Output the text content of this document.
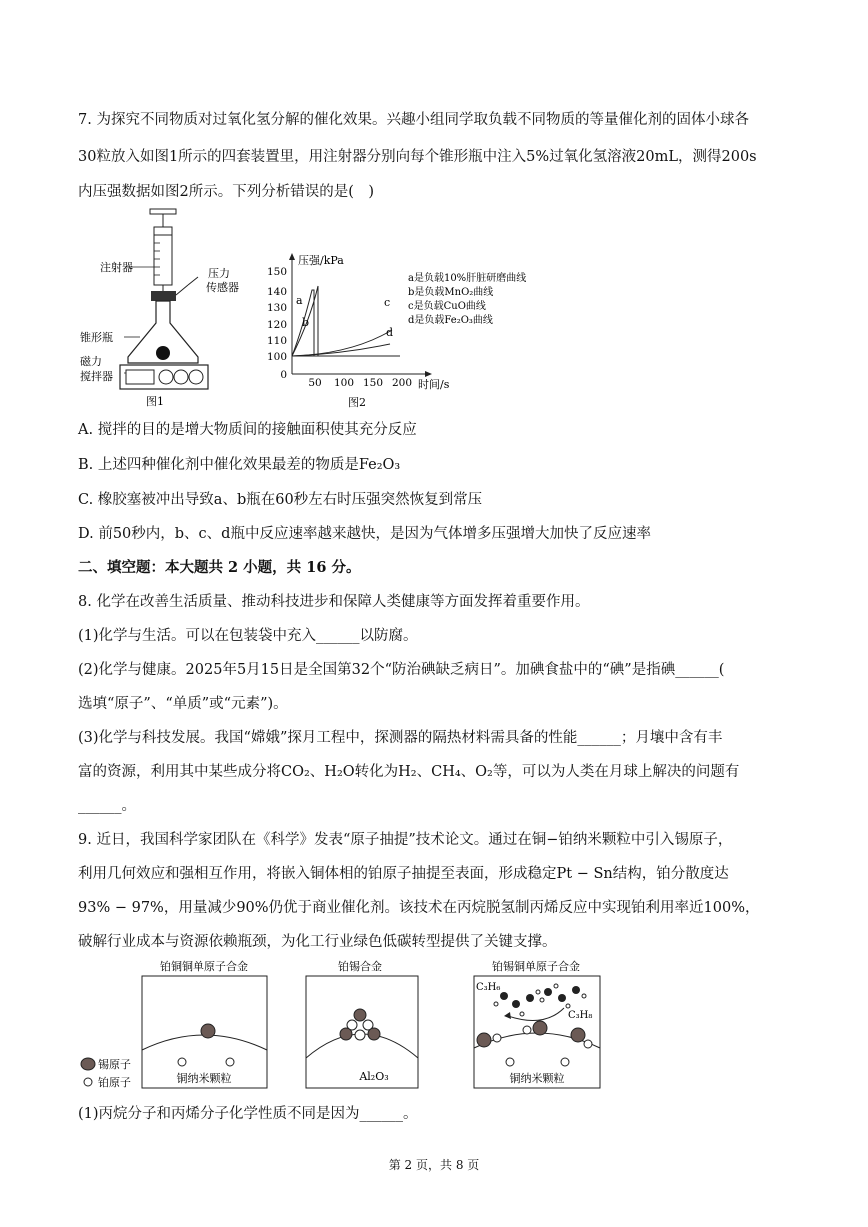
7. 为探究不同物质对过氧化氢分解的催化效果。兴趣小组同学取负载不同物质的等量催化剂的固体小球各
30粒放入如图1所示的四套装置里，用注射器分别向每个锥形瓶中注入5%过氧化氢溶液20mL，测得200s
内压强数据如图2所示。下列分析错误的是(　)
注射器	压力
传感器
锥形瓶
磁力
搅拌器
图1
压强/kPa
时间/s
150
140
130
120
110
100
0
50 100 150 200
a
b
c
d
a是负载10%肝脏研磨曲线
b是负载MnO₂曲线
c是负载CuO曲线
d是负载Fe₂O₃曲线
图2
A. 搅拌的目的是增大物质间的接触面积使其充分反应
B. 上述四种催化剂中催化效果最差的物质是Fe₂O₃
C. 橡胶塞被冲出导致a、b瓶在60秒左右时压强突然恢复到常压
D. 前50秒内，b、c、d瓶中反应速率越来越快，是因为气体增多压强增大加快了反应速率
二、填空题：本大题共 2 小题，共 16 分。
8. 化学在改善生活质量、推动科技进步和保障人类健康等方面发挥着重要作用。
(1)化学与生活。可以在包装袋中充入______以防腐。
(2)化学与健康。2025年5月15日是全国第32个“防治碘缺乏病日”。加碘食盐中的“碘”是指碘______(
选填“原子”、“单质”或“元素”)。
(3)化学与科技发展。我国“嫦娥”探月工程中，探测器的隔热材料需具备的性能______；月壤中含有丰
富的资源，利用其中某些成分将CO₂、H₂O转化为H₂、CH₄、O₂等，可以为人类在月球上解决的问题有
______。
9. 近日，我国科学家团队在《科学》发表“原子抽提”技术论文。通过在铜−铂纳米颗粒中引入锡原子，
利用几何效应和强相互作用，将嵌入铜体相的铂原子抽提至表面，形成稳定Pt − Sn结构，铂分散度达
93% − 97%，用量减少90%仍优于商业催化剂。该技术在丙烷脱氢制丙烯反应中实现铂利用率近100%，
破解行业成本与资源依赖瓶颈，为化工行业绿色低碳转型提供了关键支撑。
铂铜铜单原子合金	铂锡合金	铂锡铜单原子合金
铜纳米颗粒	Al₂O₃
C₃H₆
C₃H₈
铜纳米颗粒
锡原子
铂原子
(1)丙烷分子和丙烯分子化学性质不同是因为______。
第 2 页，共 8 页
